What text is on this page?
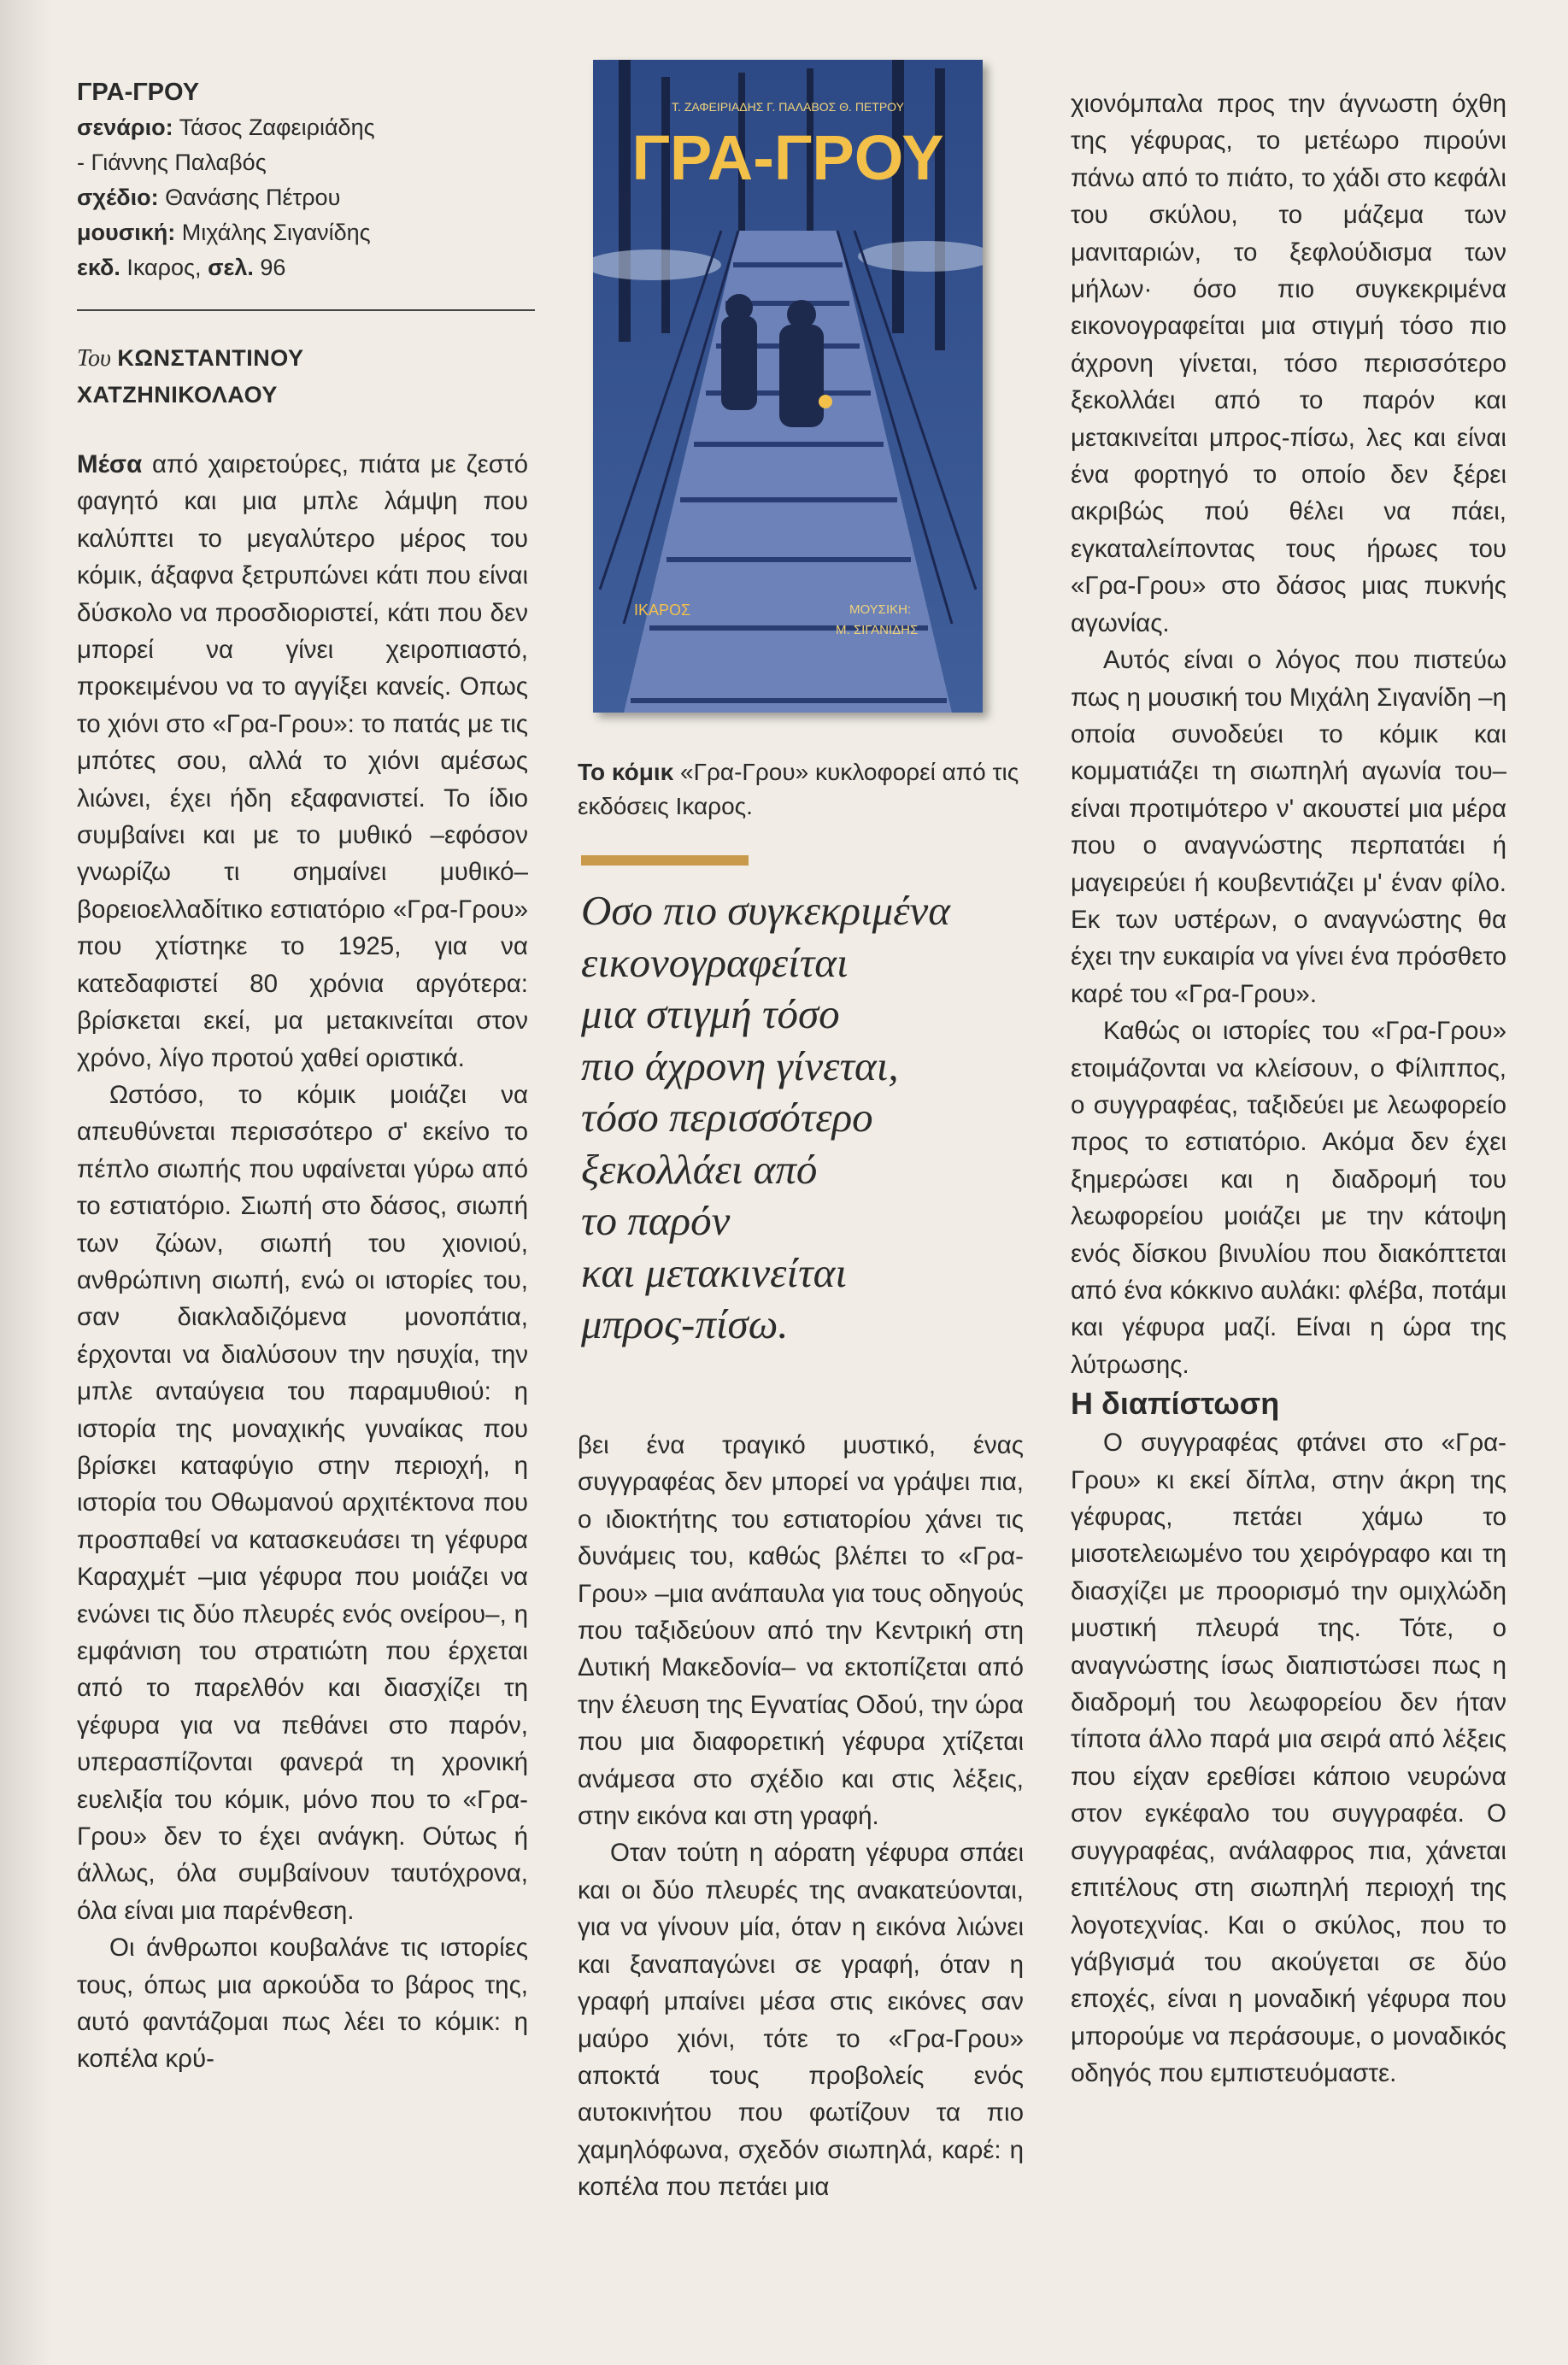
ΓΡΑ-ΓΡΟΥ
σενάριο: Τάσος Ζαφειριάδης
- Γιάννης Παλαβός
σχέδιο: Θανάσης Πέτρου
μουσική: Μιχάλης Σιγανίδης
εκδ. Ικαρος, σελ. 96
Του ΚΩΝΣΤΑΝΤΙΝΟΥ
ΧΑΤΖΗΝΙΚΟΛΑΟΥ

Μέσα από χαιρετούρες, πιάτα με ζεστό φαγητό και μια μπλε λάμψη που καλύπτει το μεγαλύτερο μέρος του κόμικ, άξαφνα ξετρυπώνει κάτι που είναι δύσκολο να προσδιοριστεί, κάτι που δεν μπορεί να γίνει χειροπιαστό, προκειμένου να το αγγίξει κανείς. Οπως το χιόνι στο «Γρα-Γρου»: το πατάς με τις μπότες σου, αλλά το χιόνι αμέσως λιώνει, έχει ήδη εξαφανιστεί. Το ίδιο συμβαίνει και με το μυθικό –εφόσον γνωρίζω τι σημαίνει μυθικό– βορειοελλαδίτικο εστιατόριο «Γρα-Γρου» που χτίστηκε το 1925, για να κατεδαφιστεί 80 χρόνια αργότερα: βρίσκεται εκεί, μα μετακινείται στον χρόνο, λίγο προτού χαθεί οριστικά.

Ωστόσο, το κόμικ μοιάζει να απευθύνεται περισσότερο σ' εκείνο το πέπλο σιωπής που υφαίνεται γύρω από το εστιατόριο. Σιωπή στο δάσος, σιωπή των ζώων, σιωπή του χιονιού, ανθρώπινη σιωπή, ενώ οι ιστορίες του, σαν διακλαδιζόμενα μονοπάτια, έρχονται να διαλύσουν την ησυχία, την μπλε ανταύγεια του παραμυθιού: η ιστορία της μοναχικής γυναίκας που βρίσκει καταφύγιο στην περιοχή, η ιστορία του Οθωμανού αρχιτέκτονα που προσπαθεί να κατασκευάσει τη γέφυρα Καραχμέτ –μια γέφυρα που μοιάζει να ενώνει τις δύο πλευρές ενός ονείρου–, η εμφάνιση του στρατιώτη που έρχεται από το παρελθόν και διασχίζει τη γέφυρα για να πεθάνει στο παρόν, υπερασπίζονται φανερά τη χρονική ευελιξία του κόμικ, μόνο που το «Γρα-Γρου» δεν το έχει ανάγκη. Ούτως ή άλλως, όλα συμβαίνουν ταυτόχρονα, όλα είναι μια παρένθεση.

Οι άνθρωποι κουβαλάνε τις ιστορίες τους, όπως μια αρκούδα το βάρος της, αυτό φαντάζομαι πως λέει το κόμικ: η κοπέλα κρύ-

Τ. ΖΑΦΕΙΡΙΑΔΗΣ Γ. ΠΑΛΑΒΟΣ Θ. ΠΕΤΡΟΥ
ΓΡΑ-ΓΡΟΥ
ΙΚΑΡΟΣ	ΜΟΥΣΙΚΗ:
Μ. ΣΙΓΑΝΙΔΗΣ
Το κόμικ «Γρα-Γρου» κυκλοφορεί από τις εκδόσεις Ικαρος.
Οσο πιο συγκεκριμένα
εικονογραφείται
μια στιγμή τόσο
πιο άχρονη γίνεται,
τόσο περισσότερο
ξεκολλάει από
το παρόν
και μετακινείται
μπρος-πίσω.

βει ένα τραγικό μυστικό, ένας συγγραφέας δεν μπορεί να γράψει πια, ο ιδιοκτήτης του εστιατορίου χάνει τις δυνάμεις του, καθώς βλέπει το «Γρα-Γρου» –μια ανάπαυλα για τους οδηγούς που ταξιδεύουν από την Κεντρική στη Δυτική Μακεδονία– να εκτοπίζεται από την έλευση της Εγνατίας Οδού, την ώρα που μια διαφορετική γέφυρα χτίζεται ανάμεσα στο σχέδιο και στις λέξεις, στην εικόνα και στη γραφή.

Οταν τούτη η αόρατη γέφυρα σπάει και οι δύο πλευρές της ανακατεύονται, για να γίνουν μία, όταν η εικόνα λιώνει και ξαναπαγώνει σε γραφή, όταν η γραφή μπαίνει μέσα στις εικόνες σαν μαύρο χιόνι, τότε το «Γρα-Γρου» αποκτά τους προβολείς ενός αυτοκινήτου που φωτίζουν τα πιο χαμηλόφωνα, σχεδόν σιωπηλά, καρέ: η κοπέλα που πετάει μια

χιονόμπαλα προς την άγνωστη όχθη της γέφυρας, το μετέωρο πιρούνι πάνω από το πιάτο, το χάδι στο κεφάλι του σκύλου, το μάζεμα των μανιταριών, το ξεφλούδισμα των μήλων· όσο πιο συγκεκριμένα εικονογραφείται μια στιγμή τόσο πιο άχρονη γίνεται, τόσο περισσότερο ξεκολλάει από το παρόν και μετακινείται μπρος-πίσω, λες και είναι ένα φορτηγό το οποίο δεν ξέρει ακριβώς πού θέλει να πάει, εγκαταλείποντας τους ήρωες του «Γρα-Γρου» στο δάσος μιας πυκνής αγωνίας.

Αυτός είναι ο λόγος που πιστεύω πως η μουσική του Μιχάλη Σιγανίδη –η οποία συνοδεύει το κόμικ και κομματιάζει τη σιωπηλή αγωνία του– είναι προτιμότερο ν' ακουστεί μια μέρα που ο αναγνώστης περπατάει ή μαγειρεύει ή κουβεντιάζει μ' έναν φίλο. Εκ των υστέρων, ο αναγνώστης θα έχει την ευκαιρία να γίνει ένα πρόσθετο καρέ του «Γρα-Γρου».

Καθώς οι ιστορίες του «Γρα-Γρου» ετοιμάζονται να κλείσουν, ο Φίλιππος, ο συγγραφέας, ταξιδεύει με λεωφορείο προς το εστιατόριο. Ακόμα δεν έχει ξημερώσει και η διαδρομή του λεωφορείου μοιάζει με την κάτοψη ενός δίσκου βινυλίου που διακόπτεται από ένα κόκκινο αυλάκι: φλέβα, ποτάμι και γέφυρα μαζί. Είναι η ώρα της λύτρωσης.

Η διαπίστωση

Ο συγγραφέας φτάνει στο «Γρα-Γρου» κι εκεί δίπλα, στην άκρη της γέφυρας, πετάει χάμω το μισοτελειωμένο του χειρόγραφο και τη διασχίζει με προορισμό την ομιχλώδη μυστική πλευρά της. Τότε, ο αναγνώστης ίσως διαπιστώσει πως η διαδρομή του λεωφορείου δεν ήταν τίποτα άλλο παρά μια σειρά από λέξεις που είχαν ερεθίσει κάποιο νευρώνα στον εγκέφαλο του συγγραφέα. Ο συγγραφέας, ανάλαφρος πια, χάνεται επιτέλους στη σιωπηλή περιοχή της λογοτεχνίας. Και ο σκύλος, που το γάβγισμά του ακούγεται σε δύο εποχές, είναι η μοναδική γέφυρα που μπορούμε να περάσουμε, ο μοναδικός οδηγός που εμπιστευόμαστε.
